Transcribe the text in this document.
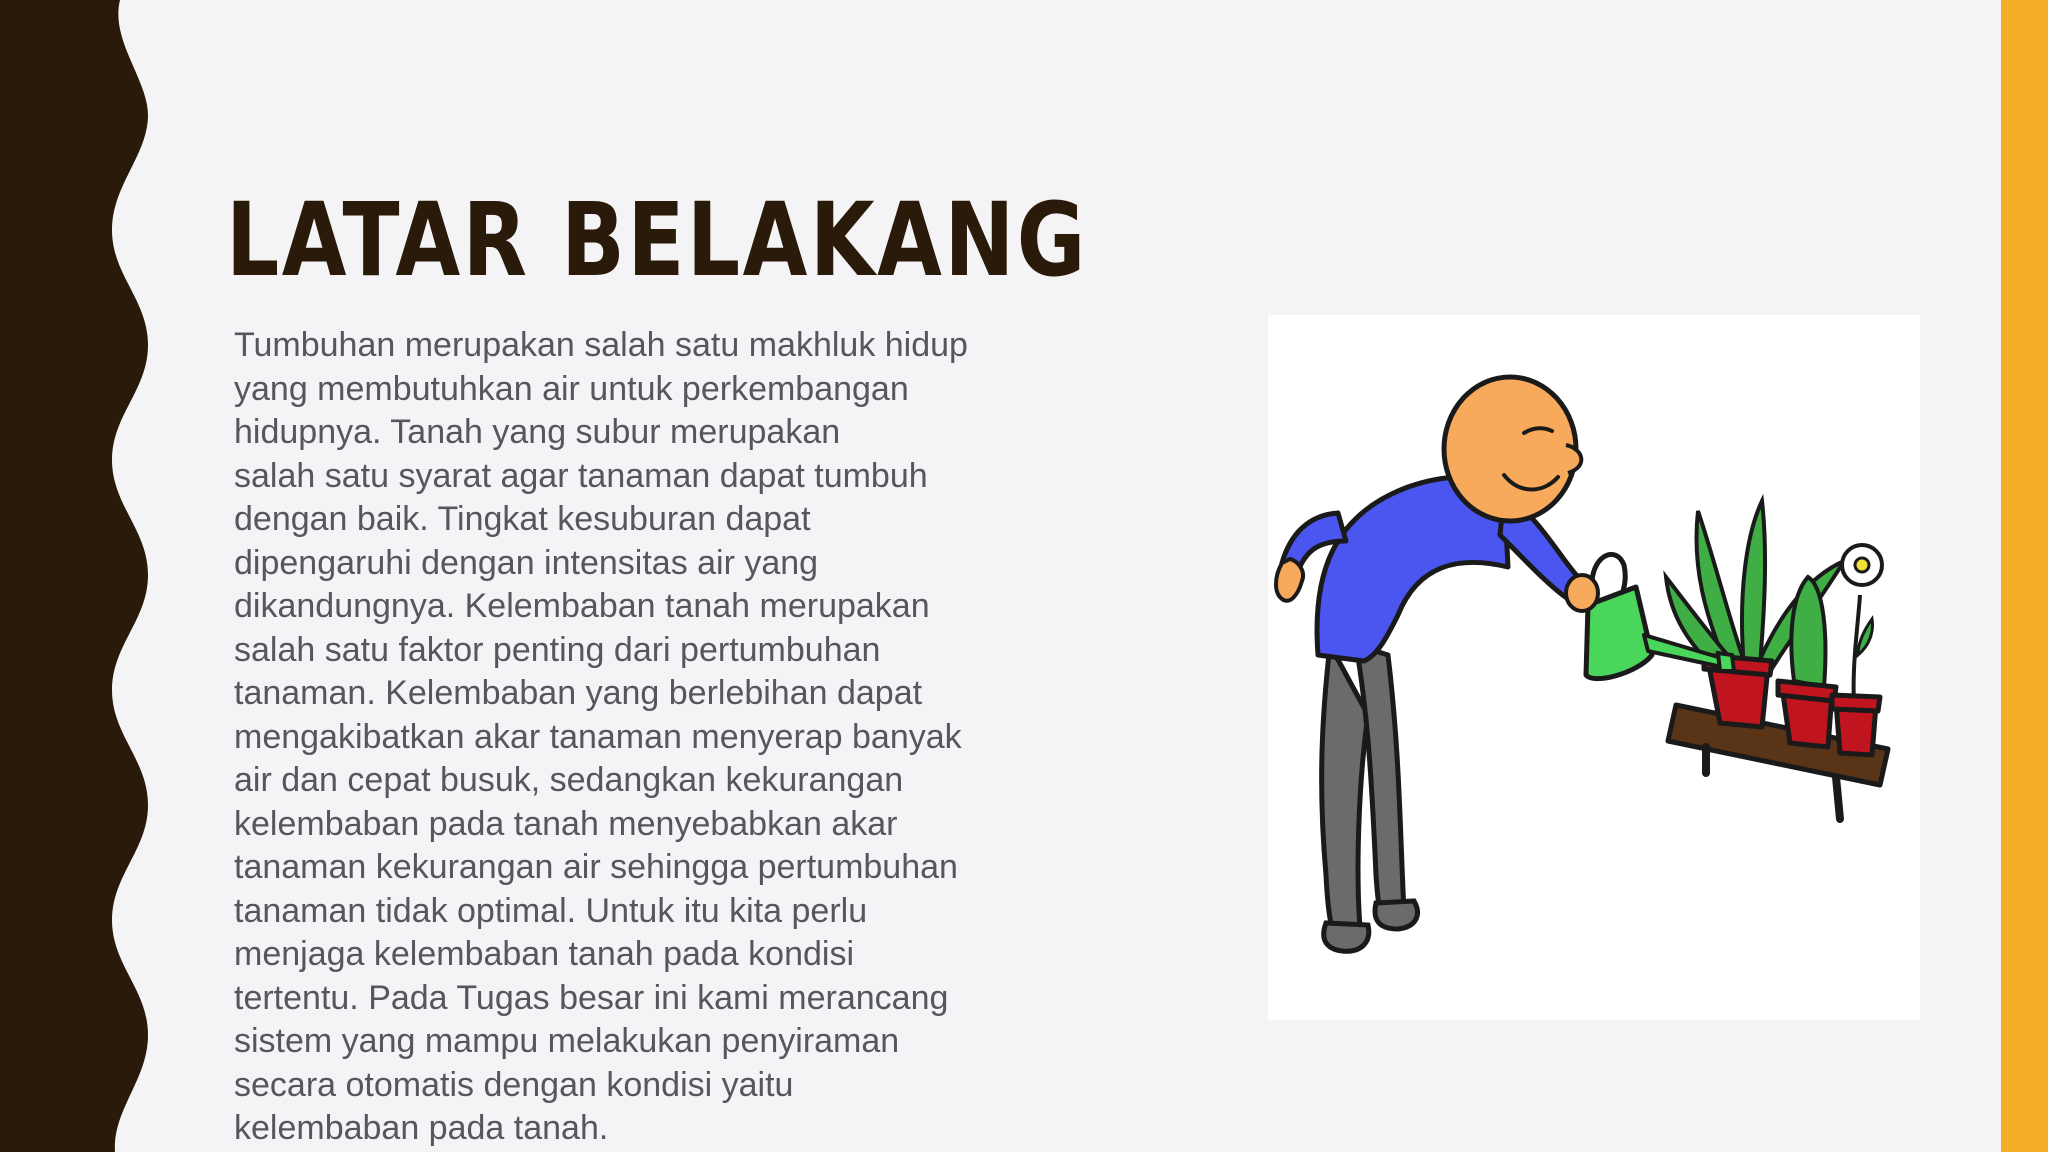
LATAR BELAKANG

Tumbuhan merupakan salah satu makhluk hidup
yang membutuhkan air untuk perkembangan
hidupnya. Tanah yang subur merupakan
salah satu syarat agar tanaman dapat tumbuh
dengan baik. Tingkat kesuburan dapat
dipengaruhi dengan intensitas air yang
dikandungnya. Kelembaban tanah merupakan
salah satu faktor penting dari pertumbuhan
tanaman. Kelembaban yang berlebihan dapat
mengakibatkan akar tanaman menyerap banyak
air dan cepat busuk, sedangkan kekurangan
kelembaban pada tanah menyebabkan akar
tanaman kekurangan air sehingga pertumbuhan
tanaman tidak optimal. Untuk itu kita perlu
menjaga kelembaban tanah pada kondisi
tertentu. Pada Tugas besar ini kami merancang
sistem yang mampu melakukan penyiraman
secara otomatis dengan kondisi yaitu
kelembaban pada tanah.
